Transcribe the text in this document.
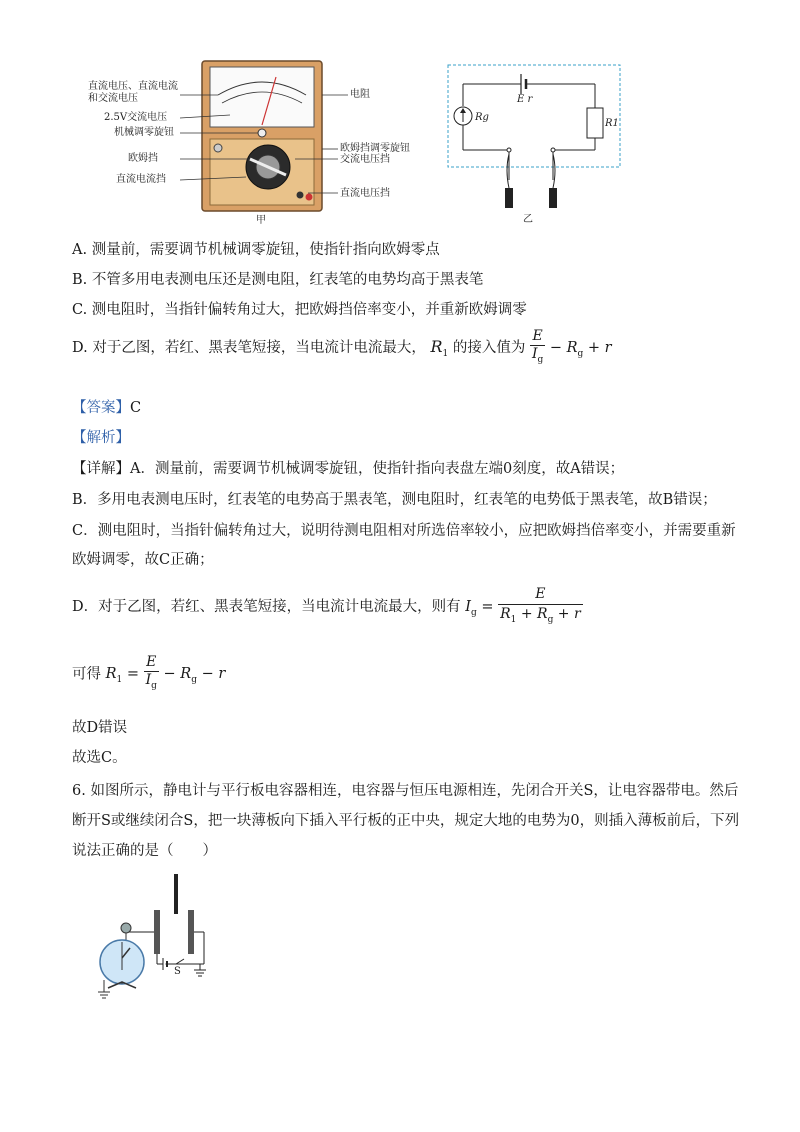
直流电压、直流电流和交流电压
2.5V交流电压
机械调零旋钮
欧姆挡
直流电流挡
电阻
欧姆挡调零旋钮
交流电压挡
直流电压挡
甲
E r
Rg
R1
乙
A. 测量前，需要调节机械调零旋钮，使指针指向欧姆零点
B. 不管多用电表测电压还是测电阻，红表笔的电势均高于黑表笔
C. 测电阻时，当指针偏转角过大，把欧姆挡倍率变小，并重新欧姆调零
D. 对于乙图，若红、黑表笔短接，当电流计电流最大， $R_1$ 的接入值为 $\frac{E}{I_g} - R_g + r$
【答案】C
【解析】
【详解】A．测量前，需要调节机械调零旋钮，使指针指向表盘左端0刻度，故A错误；
B．多用电表测电压时，红表笔的电势高于黑表笔，测电阻时，红表笔的电势低于黑表笔，故B错误；
C．测电阻时，当指针偏转角过大，说明待测电阻相对所选倍率较小，应把欧姆挡倍率变小，并需要重新
欧姆调零，故C正确；
D．对于乙图，若红、黑表笔短接，当电流计电流最大，则有 $I_g = \frac{E}{R_1 + R_g + r}$
可得 $R_1 = \frac{E}{I_g} - R_g - r$
故D错误
故选C。
6. 如图所示，静电计与平行板电容器相连，电容器与恒压电源相连，先闭合开关S，让电容器带电。然后
断开S或继续闭合S，把一块薄板向下插入平行板的正中央，规定大地的电势为0，则插入薄板前后，下列
说法正确的是（　　）
S
